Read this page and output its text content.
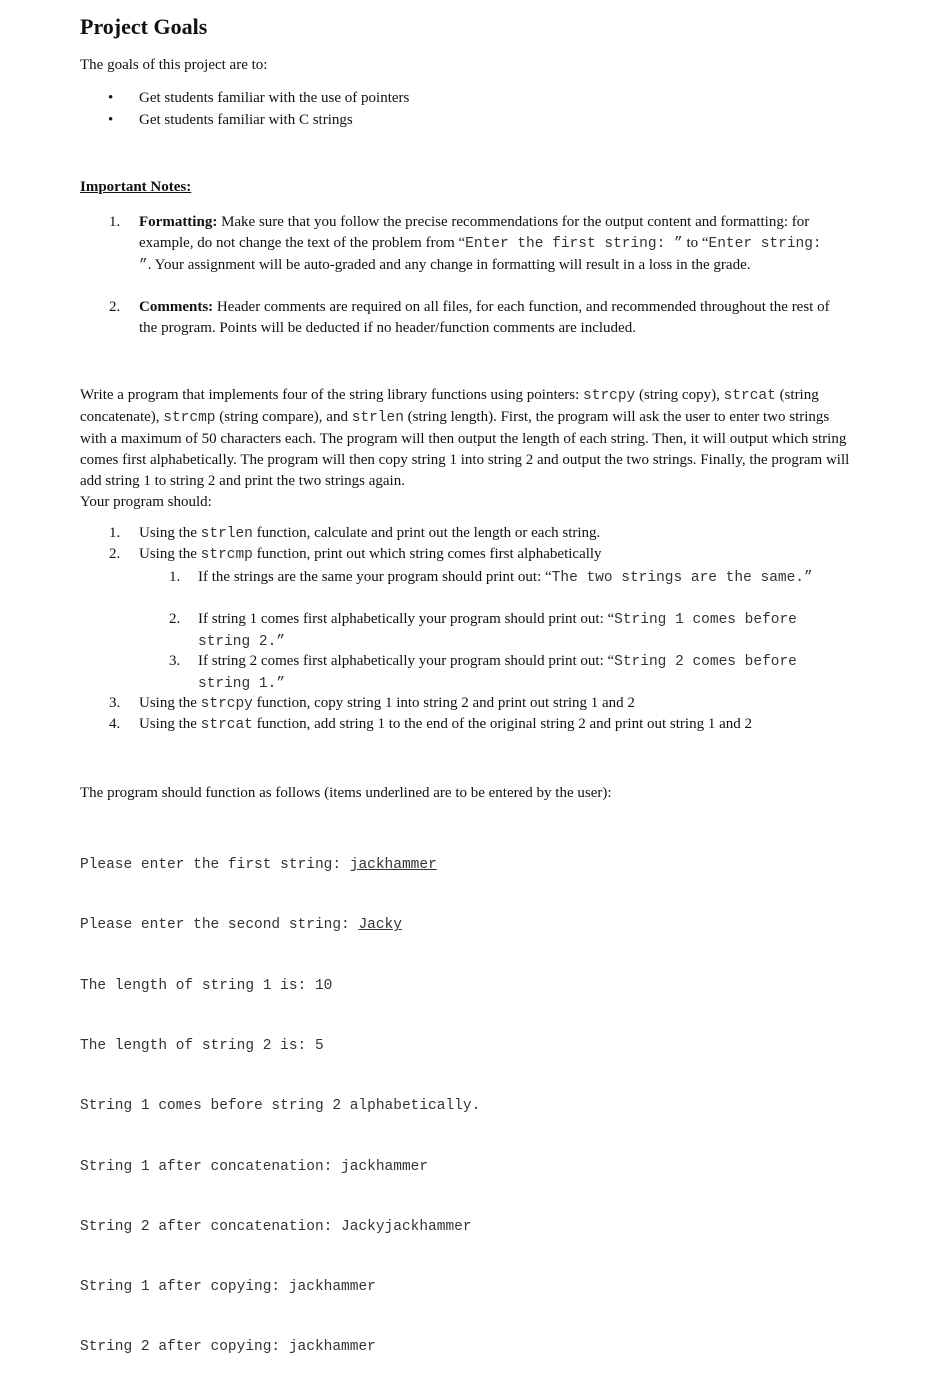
Project Goals

The goals of this project are to:

• Get students familiar with the use of pointers
• Get students familiar with C strings

Important Notes:

1. Formatting: Make sure that you follow the precise recommendations for the output content and formatting: for example, do not change the text of the problem from “Enter the first string: ” to “Enter string: ”. Your assignment will be auto-graded and any change in formatting will result in a loss in the grade.
2. Comments: Header comments are required on all files, for each function, and recommended throughout the rest of the program. Points will be deducted if no header/function comments are included.

Write a program that implements four of the string library functions using pointers: strcpy (string copy), strcat (string concatenate), strcmp (string compare), and strlen (string length). First, the program will ask the user to enter two strings with a maximum of 50 characters each. The program will then output the length of each string. Then, it will output which string comes first alphabetically. The program will then copy string 1 into string 2 and output the two strings. Finally, the program will add string 1 to string 2 and print the two strings again.
Your program should:

1. Using the strlen function, calculate and print out the length or each string.
2. Using the strcmp function, print out which string comes first alphabetically
1. If the strings are the same your program should print out: “The two strings are the same.”
2. If string 1 comes first alphabetically your program should print out: “String 1 comes before string 2.”
3. If string 2 comes first alphabetically your program should print out: “String 2 comes before string 1.”
3. Using the strcpy function, copy string 1 into string 2 and print out string 1 and 2
4. Using the strcat function, add string 1 to the end of the original string 2 and print out string 1 and 2

The program should function as follows (items underlined are to be entered by the user):

Please enter the first string: jackhammer

Please enter the second string: Jacky

The length of string 1 is: 10

The length of string 2 is: 5

String 1 comes before string 2 alphabetically.

String 1 after concatenation: jackhammer

String 2 after concatenation: Jackyjackhammer

String 1 after copying: jackhammer

String 2 after copying: jackhammer
